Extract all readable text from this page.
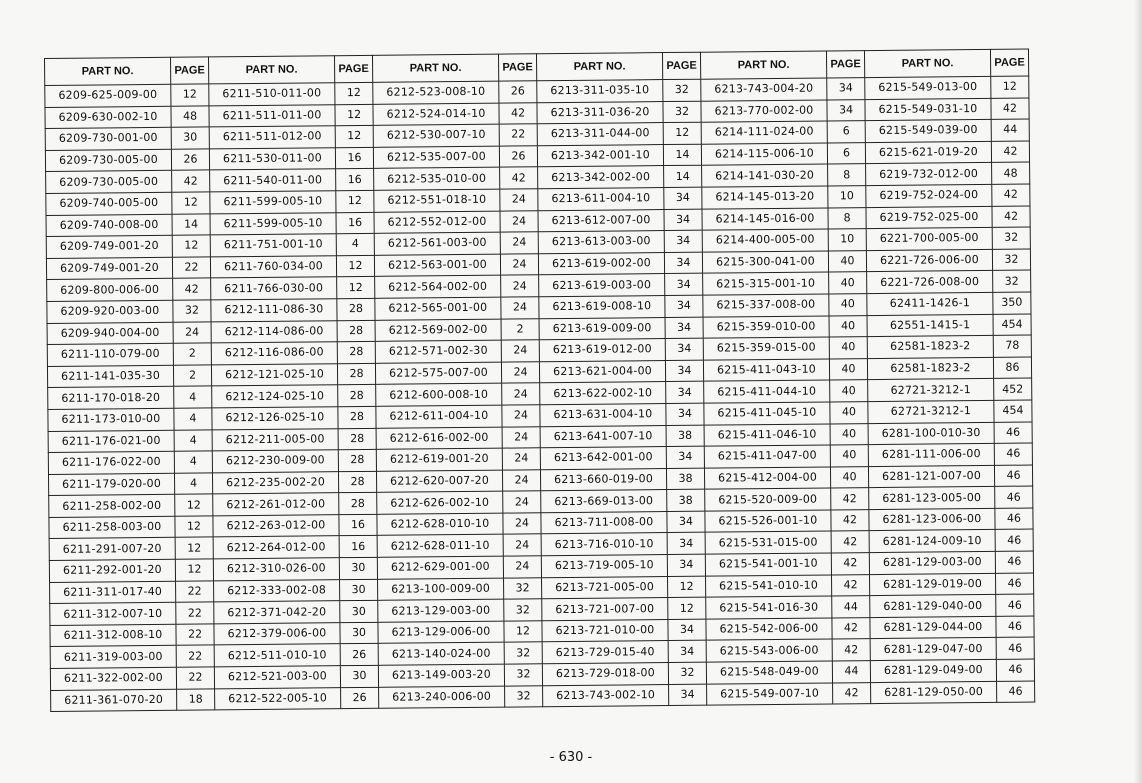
PART NO.	PAGE	PART NO.	PAGE	PART NO.	PAGE	PART NO.	PAGE	PART NO.	PAGE	PART NO.	PAGE
6209-625-009-00	12	6211-510-011-00	12	6212-523-008-10	26	6213-311-035-10	32	6213-743-004-20	34	6215-549-013-00	12
6209-630-002-10	48	6211-511-011-00	12	6212-524-014-10	42	6213-311-036-20	32	6213-770-002-00	34	6215-549-031-10	42
6209-730-001-00	30	6211-511-012-00	12	6212-530-007-10	22	6213-311-044-00	12	6214-111-024-00	6	6215-549-039-00	44
6209-730-005-00	26	6211-530-011-00	16	6212-535-007-00	26	6213-342-001-10	14	6214-115-006-10	6	6215-621-019-20	42
6209-730-005-00	42	6211-540-011-00	16	6212-535-010-00	42	6213-342-002-00	14	6214-141-030-20	8	6219-732-012-00	48
6209-740-005-00	12	6211-599-005-10	12	6212-551-018-10	24	6213-611-004-10	34	6214-145-013-20	10	6219-752-024-00	42
6209-740-008-00	14	6211-599-005-10	16	6212-552-012-00	24	6213-612-007-00	34	6214-145-016-00	8	6219-752-025-00	42
6209-749-001-20	12	6211-751-001-10	4	6212-561-003-00	24	6213-613-003-00	34	6214-400-005-00	10	6221-700-005-00	32
6209-749-001-20	22	6211-760-034-00	12	6212-563-001-00	24	6213-619-002-00	34	6215-300-041-00	40	6221-726-006-00	32
6209-800-006-00	42	6211-766-030-00	12	6212-564-002-00	24	6213-619-003-00	34	6215-315-001-10	40	6221-726-008-00	32
6209-920-003-00	32	6212-111-086-30	28	6212-565-001-00	24	6213-619-008-10	34	6215-337-008-00	40	62411-1426-1	350
6209-940-004-00	24	6212-114-086-00	28	6212-569-002-00	2	6213-619-009-00	34	6215-359-010-00	40	62551-1415-1	454
6211-110-079-00	2	6212-116-086-00	28	6212-571-002-30	24	6213-619-012-00	34	6215-359-015-00	40	62581-1823-2	78
6211-141-035-30	2	6212-121-025-10	28	6212-575-007-00	24	6213-621-004-00	34	6215-411-043-10	40	62581-1823-2	86
6211-170-018-20	4	6212-124-025-10	28	6212-600-008-10	24	6213-622-002-10	34	6215-411-044-10	40	62721-3212-1	452
6211-173-010-00	4	6212-126-025-10	28	6212-611-004-10	24	6213-631-004-10	34	6215-411-045-10	40	62721-3212-1	454
6211-176-021-00	4	6212-211-005-00	28	6212-616-002-00	24	6213-641-007-10	38	6215-411-046-10	40	6281-100-010-30	46
6211-176-022-00	4	6212-230-009-00	28	6212-619-001-20	24	6213-642-001-00	34	6215-411-047-00	40	6281-111-006-00	46
6211-179-020-00	4	6212-235-002-20	28	6212-620-007-20	24	6213-660-019-00	38	6215-412-004-00	40	6281-121-007-00	46
6211-258-002-00	12	6212-261-012-00	28	6212-626-002-10	24	6213-669-013-00	38	6215-520-009-00	42	6281-123-005-00	46
6211-258-003-00	12	6212-263-012-00	16	6212-628-010-10	24	6213-711-008-00	34	6215-526-001-10	42	6281-123-006-00	46
6211-291-007-20	12	6212-264-012-00	16	6212-628-011-10	24	6213-716-010-10	34	6215-531-015-00	42	6281-124-009-10	46
6211-292-001-20	12	6212-310-026-00	30	6212-629-001-00	24	6213-719-005-10	34	6215-541-001-10	42	6281-129-003-00	46
6211-311-017-40	22	6212-333-002-08	30	6213-100-009-00	32	6213-721-005-00	12	6215-541-010-10	42	6281-129-019-00	46
6211-312-007-10	22	6212-371-042-20	30	6213-129-003-00	32	6213-721-007-00	12	6215-541-016-30	44	6281-129-040-00	46
6211-312-008-10	22	6212-379-006-00	30	6213-129-006-00	12	6213-721-010-00	34	6215-542-006-00	42	6281-129-044-00	46
6211-319-003-00	22	6212-511-010-10	26	6213-140-024-00	32	6213-729-015-40	34	6215-543-006-00	42	6281-129-047-00	46
6211-322-002-00	22	6212-521-003-00	30	6213-149-003-20	32	6213-729-018-00	32	6215-548-049-00	44	6281-129-049-00	46
6211-361-070-20	18	6212-522-005-10	26	6213-240-006-00	32	6213-743-002-10	34	6215-549-007-10	42	6281-129-050-00	46
- 630 -
